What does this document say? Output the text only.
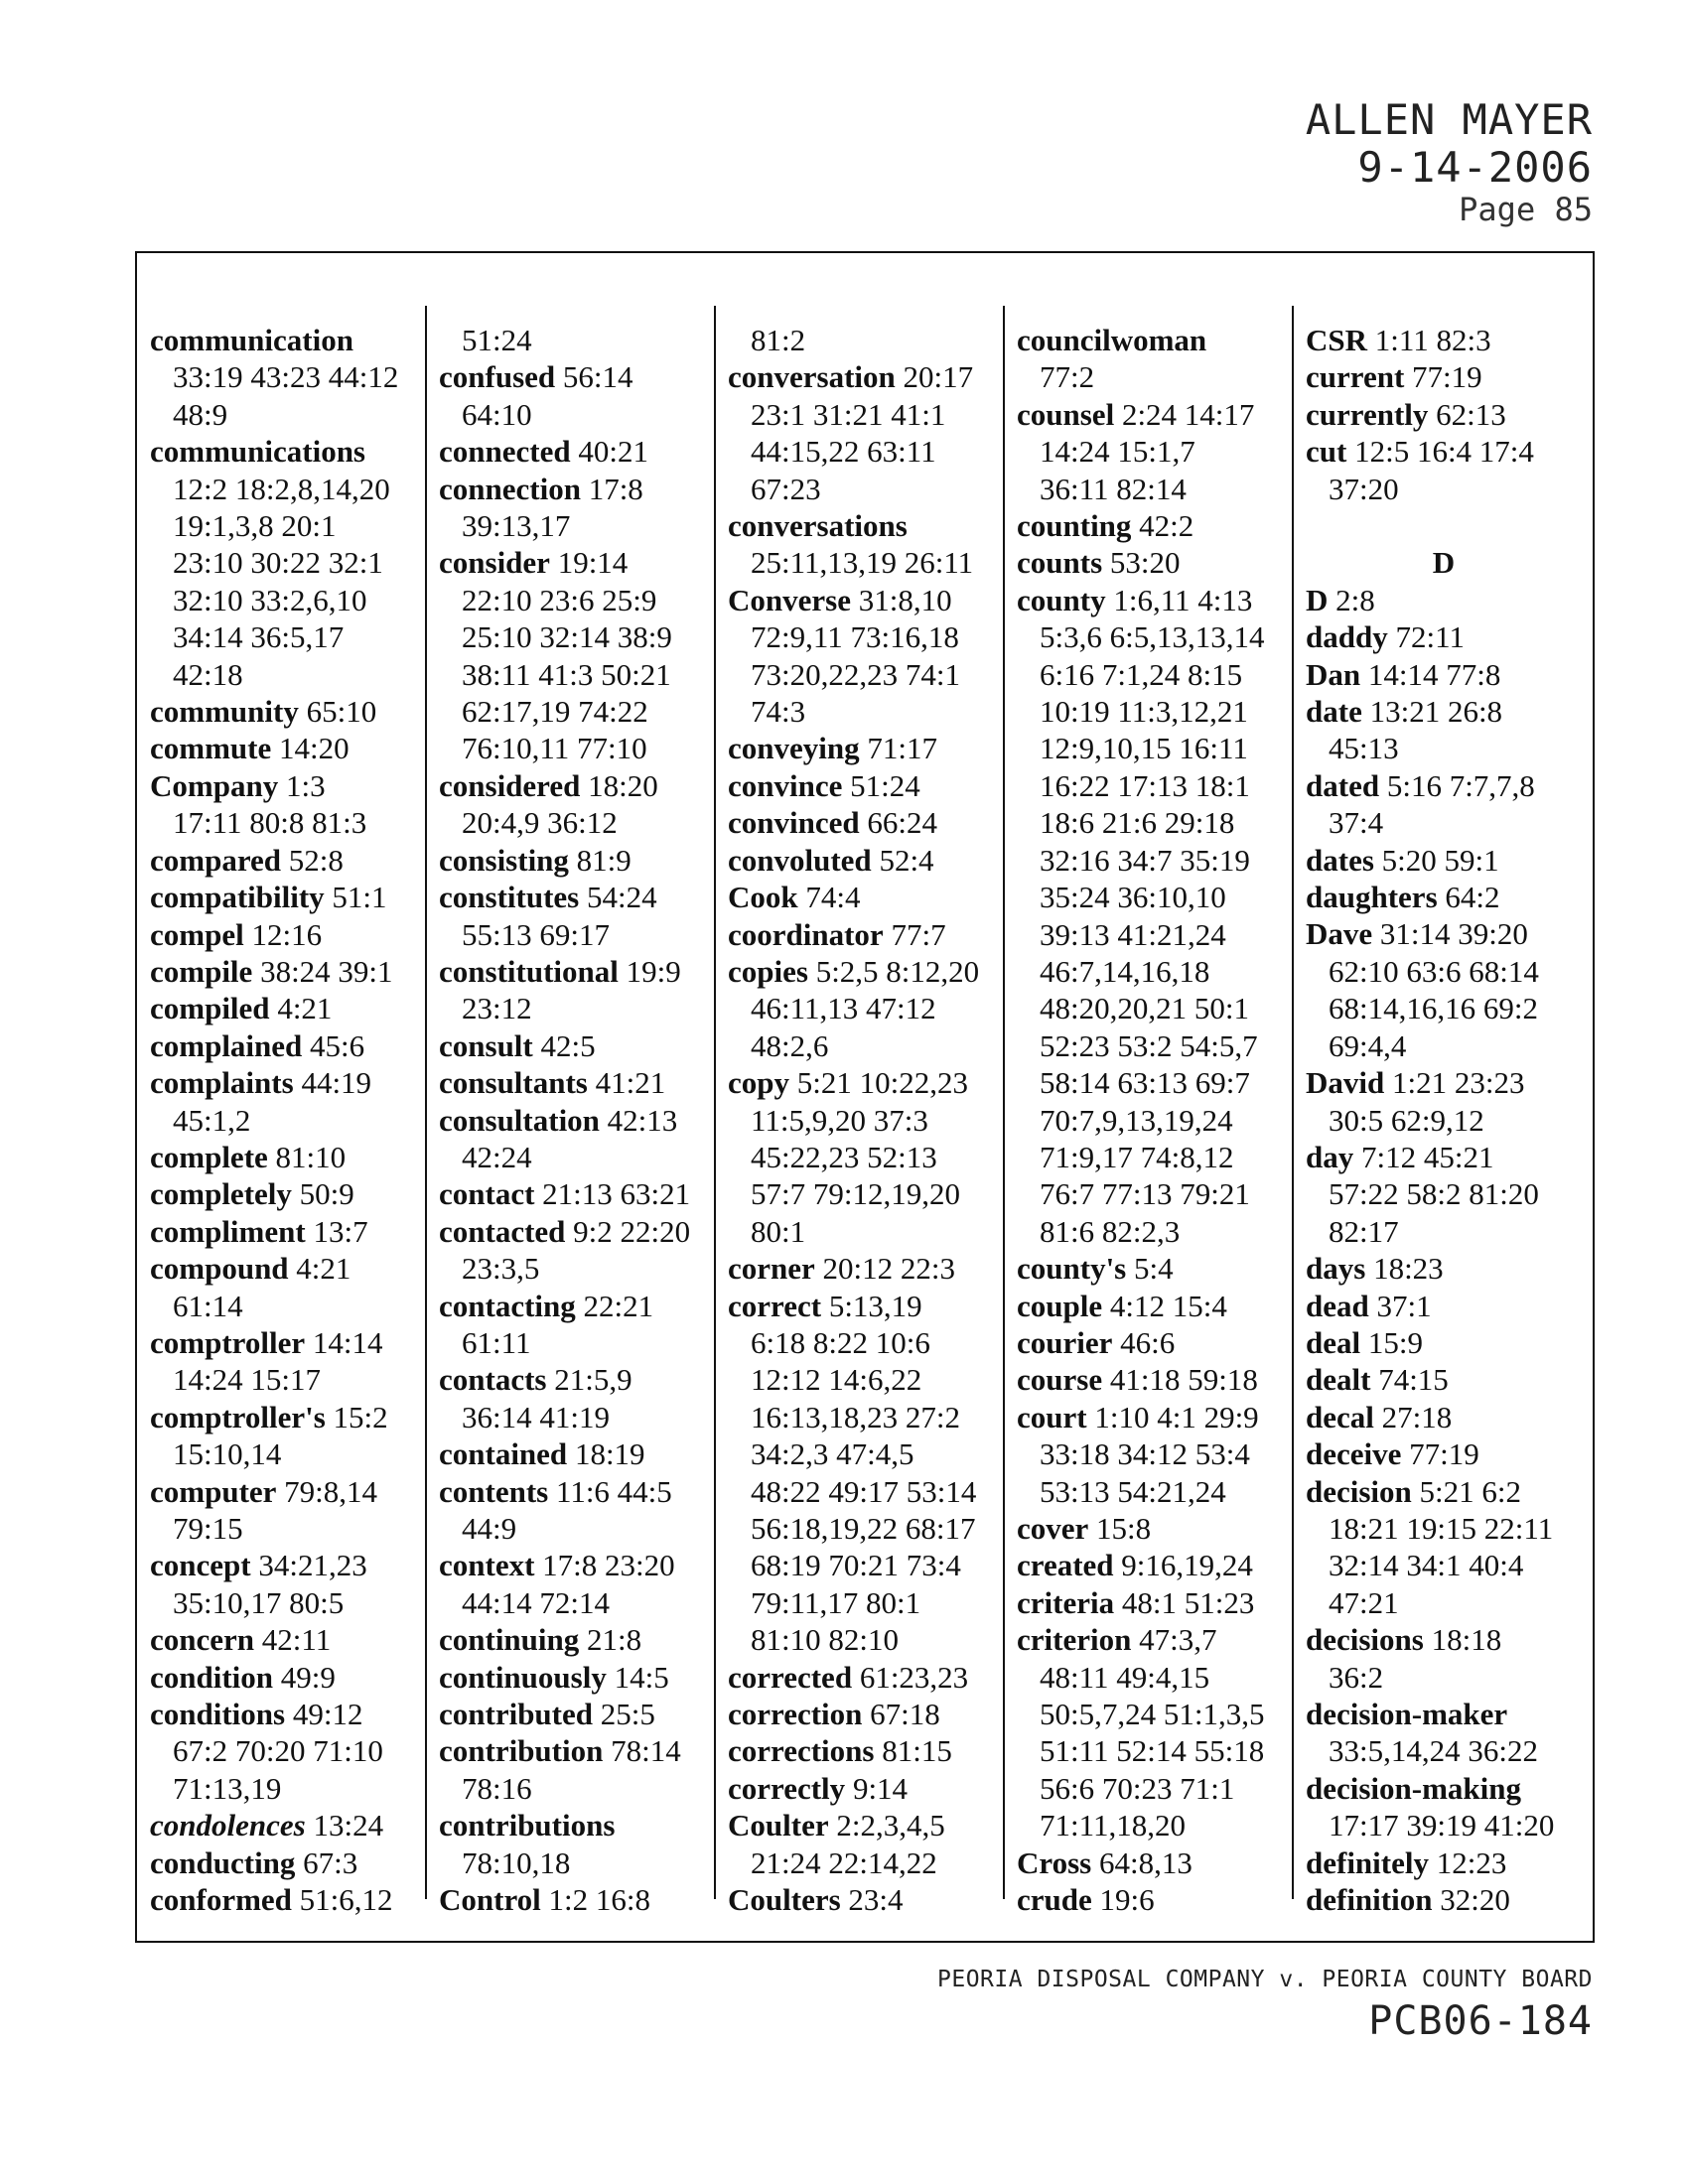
ALLEN MAYER
9-14-2006
Page 85
communication
33:19 43:23 44:12
48:9
communications
12:2 18:2,8,14,20
19:1,3,8 20:1
23:10 30:22 32:1
32:10 33:2,6,10
34:14 36:5,17
42:18
community 65:10
commute 14:20
Company 1:3
17:11 80:8 81:3
compared 52:8
compatibility 51:1
compel 12:16
compile 38:24 39:1
compiled 4:21
complained 45:6
complaints 44:19
45:1,2
complete 81:10
completely 50:9
compliment 13:7
compound 4:21
61:14
comptroller 14:14
14:24 15:17
comptroller's 15:2
15:10,14
computer 79:8,14
79:15
concept 34:21,23
35:10,17 80:5
concern 42:11
condition 49:9
conditions 49:12
67:2 70:20 71:10
71:13,19
condolences 13:24
conducting 67:3
conformed 51:6,12
51:24
confused 56:14
64:10
connected 40:21
connection 17:8
39:13,17
consider 19:14
22:10 23:6 25:9
25:10 32:14 38:9
38:11 41:3 50:21
62:17,19 74:22
76:10,11 77:10
considered 18:20
20:4,9 36:12
consisting 81:9
constitutes 54:24
55:13 69:17
constitutional 19:9
23:12
consult 42:5
consultants 41:21
consultation 42:13
42:24
contact 21:13 63:21
contacted 9:2 22:20
23:3,5
contacting 22:21
61:11
contacts 21:5,9
36:14 41:19
contained 18:19
contents 11:6 44:5
44:9
context 17:8 23:20
44:14 72:14
continuing 21:8
continuously 14:5
contributed 25:5
contribution 78:14
78:16
contributions
78:10,18
Control 1:2 16:8
81:2
conversation 20:17
23:1 31:21 41:1
44:15,22 63:11
67:23
conversations
25:11,13,19 26:11
Converse 31:8,10
72:9,11 73:16,18
73:20,22,23 74:1
74:3
conveying 71:17
convince 51:24
convinced 66:24
convoluted 52:4
Cook 74:4
coordinator 77:7
copies 5:2,5 8:12,20
46:11,13 47:12
48:2,6
copy 5:21 10:22,23
11:5,9,20 37:3
45:22,23 52:13
57:7 79:12,19,20
80:1
corner 20:12 22:3
correct 5:13,19
6:18 8:22 10:6
12:12 14:6,22
16:13,18,23 27:2
34:2,3 47:4,5
48:22 49:17 53:14
56:18,19,22 68:17
68:19 70:21 73:4
79:11,17 80:1
81:10 82:10
corrected 61:23,23
correction 67:18
corrections 81:15
correctly 9:14
Coulter 2:2,3,4,5
21:24 22:14,22
Coulters 23:4
councilwoman
77:2
counsel 2:24 14:17
14:24 15:1,7
36:11 82:14
counting 42:2
counts 53:20
county 1:6,11 4:13
5:3,6 6:5,13,13,14
6:16 7:1,24 8:15
10:19 11:3,12,21
12:9,10,15 16:11
16:22 17:13 18:1
18:6 21:6 29:18
32:16 34:7 35:19
35:24 36:10,10
39:13 41:21,24
46:7,14,16,18
48:20,20,21 50:1
52:23 53:2 54:5,7
58:14 63:13 69:7
70:7,9,13,19,24
71:9,17 74:8,12
76:7 77:13 79:21
81:6 82:2,3
county's 5:4
couple 4:12 15:4
courier 46:6
course 41:18 59:18
court 1:10 4:1 29:9
33:18 34:12 53:4
53:13 54:21,24
cover 15:8
created 9:16,19,24
criteria 48:1 51:23
criterion 47:3,7
48:11 49:4,15
50:5,7,24 51:1,3,5
51:11 52:14 55:18
56:6 70:23 71:1
71:11,18,20
Cross 64:8,13
crude 19:6
CSR 1:11 82:3
current 77:19
currently 62:13
cut 12:5 16:4 17:4
37:20
D
D 2:8
daddy 72:11
Dan 14:14 77:8
date 13:21 26:8
45:13
dated 5:16 7:7,7,8
37:4
dates 5:20 59:1
daughters 64:2
Dave 31:14 39:20
62:10 63:6 68:14
68:14,16,16 69:2
69:4,4
David 1:21 23:23
30:5 62:9,12
day 7:12 45:21
57:22 58:2 81:20
82:17
days 18:23
dead 37:1
deal 15:9
dealt 74:15
decal 27:18
deceive 77:19
decision 5:21 6:2
18:21 19:15 22:11
32:14 34:1 40:4
47:21
decisions 18:18
36:2
decision-maker
33:5,14,24 36:22
decision-making
17:17 39:19 41:20
definitely 12:23
definition 32:20
PEORIA DISPOSAL COMPANY v. PEORIA COUNTY BOARD
PCB06-184
